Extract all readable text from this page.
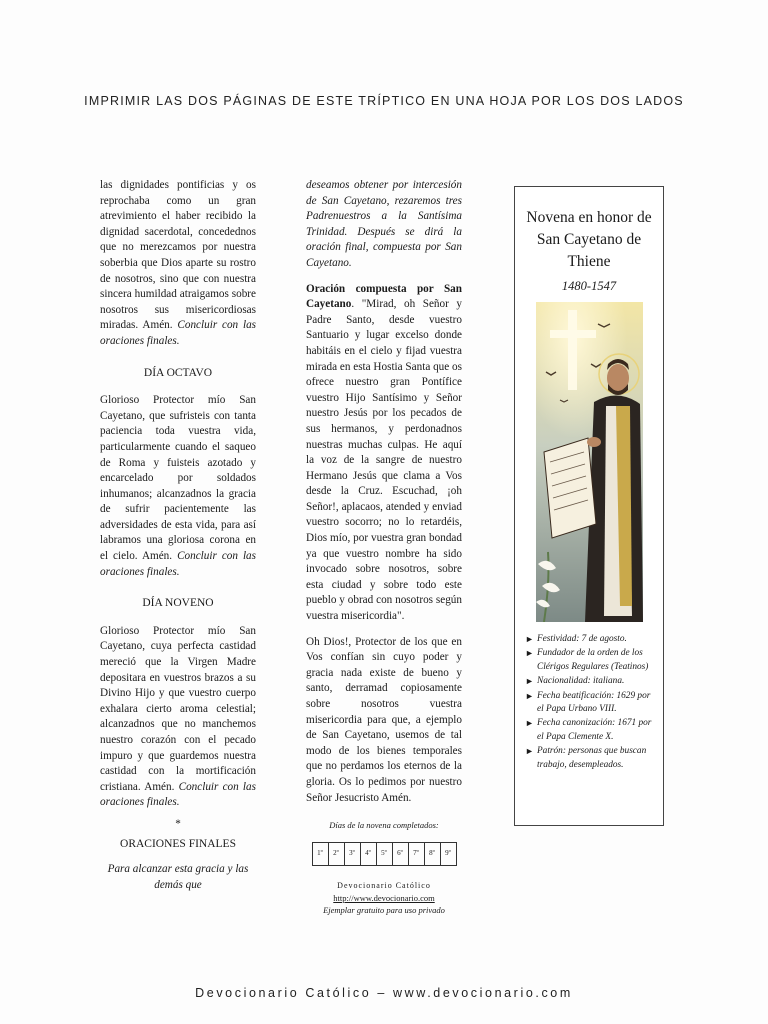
IMPRIMIR LAS DOS PÁGINAS DE ESTE TRÍPTICO EN UNA HOJA POR LOS DOS LADOS

las dignidades pontificias y os reprochaba como un gran atrevimiento el haber recibido la dignidad sacerdotal, concedednos que no merezcamos por nuestra soberbia que Dios aparte su rostro de nosotros, sino que con nuestra sincera humildad atraigamos sobre nosotros sus misericordiosas miradas. Amén. Concluir con las oraciones finales.

DÍA OCTAVO

Glorioso Protector mío San Cayetano, que sufristeis con tanta paciencia toda vuestra vida, particularmente cuando el saqueo de Roma y fuisteis azotado y encarcelado por soldados inhumanos; alcanzadnos la gracia de sufrir pacientemente las adversidades de esta vida, para así labramos una gloriosa corona en el cielo. Amén. Concluir con las oraciones finales.

DÍA NOVENO

Glorioso Protector mío San Cayetano, cuya perfecta castidad mereció que la Virgen Madre depositara en vuestros brazos a su Divino Hijo y que vuestro cuerpo exhalara cierto aroma celestial; alcanzadnos que no manchemos nuestro corazón con el pecado impuro y que guardemos nuestra castidad con la mortificación cristiana. Amén. Concluir con las oraciones finales.

*
ORACIONES FINALES

Para alcanzar esta gracia y las demás que

deseamos obtener por intercesión de San Cayetano, rezaremos tres Padrenuestros a la Santísima Trinidad. Después se dirá la oración final, compuesta por San Cayetano.

Oración compuesta por San Cayetano. "Mirad, oh Señor y Padre Santo, desde vuestro Santuario y lugar excelso donde habitáis en el cielo y fijad vuestra mirada en esta Hostia Santa que os ofrece nuestro gran Pontífice vuestro Hijo Santísimo y Señor nuestro Jesús por los pecados de sus hermanos, y perdonadnos nuestras muchas culpas. He aquí la voz de la sangre de nuestro Hermano Jesús que clama a Vos desde la Cruz. Escuchad, ¡oh Señor!, aplacaos, atended y enviad vuestro socorro; no lo retardéis, Dios mío, por vuestra gran bondad ya que vuestro nombre ha sido invocado sobre nosotros, sobre esta ciudad y sobre todo este pueblo y obrad con nosotros según vuestra misericordia".

Oh Dios!, Protector de los que en Vos confían sin cuyo poder y gracia nada existe de bueno y santo, derramad copiosamente sobre nosotros vuestra misericordia para que, a ejemplo de San Cayetano, usemos de tal modo de los bienes temporales que no perdamos los eternos de la gloria. Os lo pedimos por nuestro Señor Jesucristo Amén.

Días de la novena completados:
1º	2º	3º	4º	5º	6º	7º	8º	9º
Devocionario Católico
http://www.devocionario.com
Ejemplar gratuito para uso privado
Novena en honor de San Cayetano de Thiene
1480-1547
► Festividad: 7 de agosto.
► Fundador de la orden de los Clérigos Regulares (Teatinos)
► Nacionalidad: italiana.
► Fecha beatificación: 1629 por el Papa Urbano VIII.
► Fecha canonización: 1671 por el Papa Clemente X.
► Patrón: personas que buscan trabajo, desempleados.
Devocionario Católico – www.devocionario.com
